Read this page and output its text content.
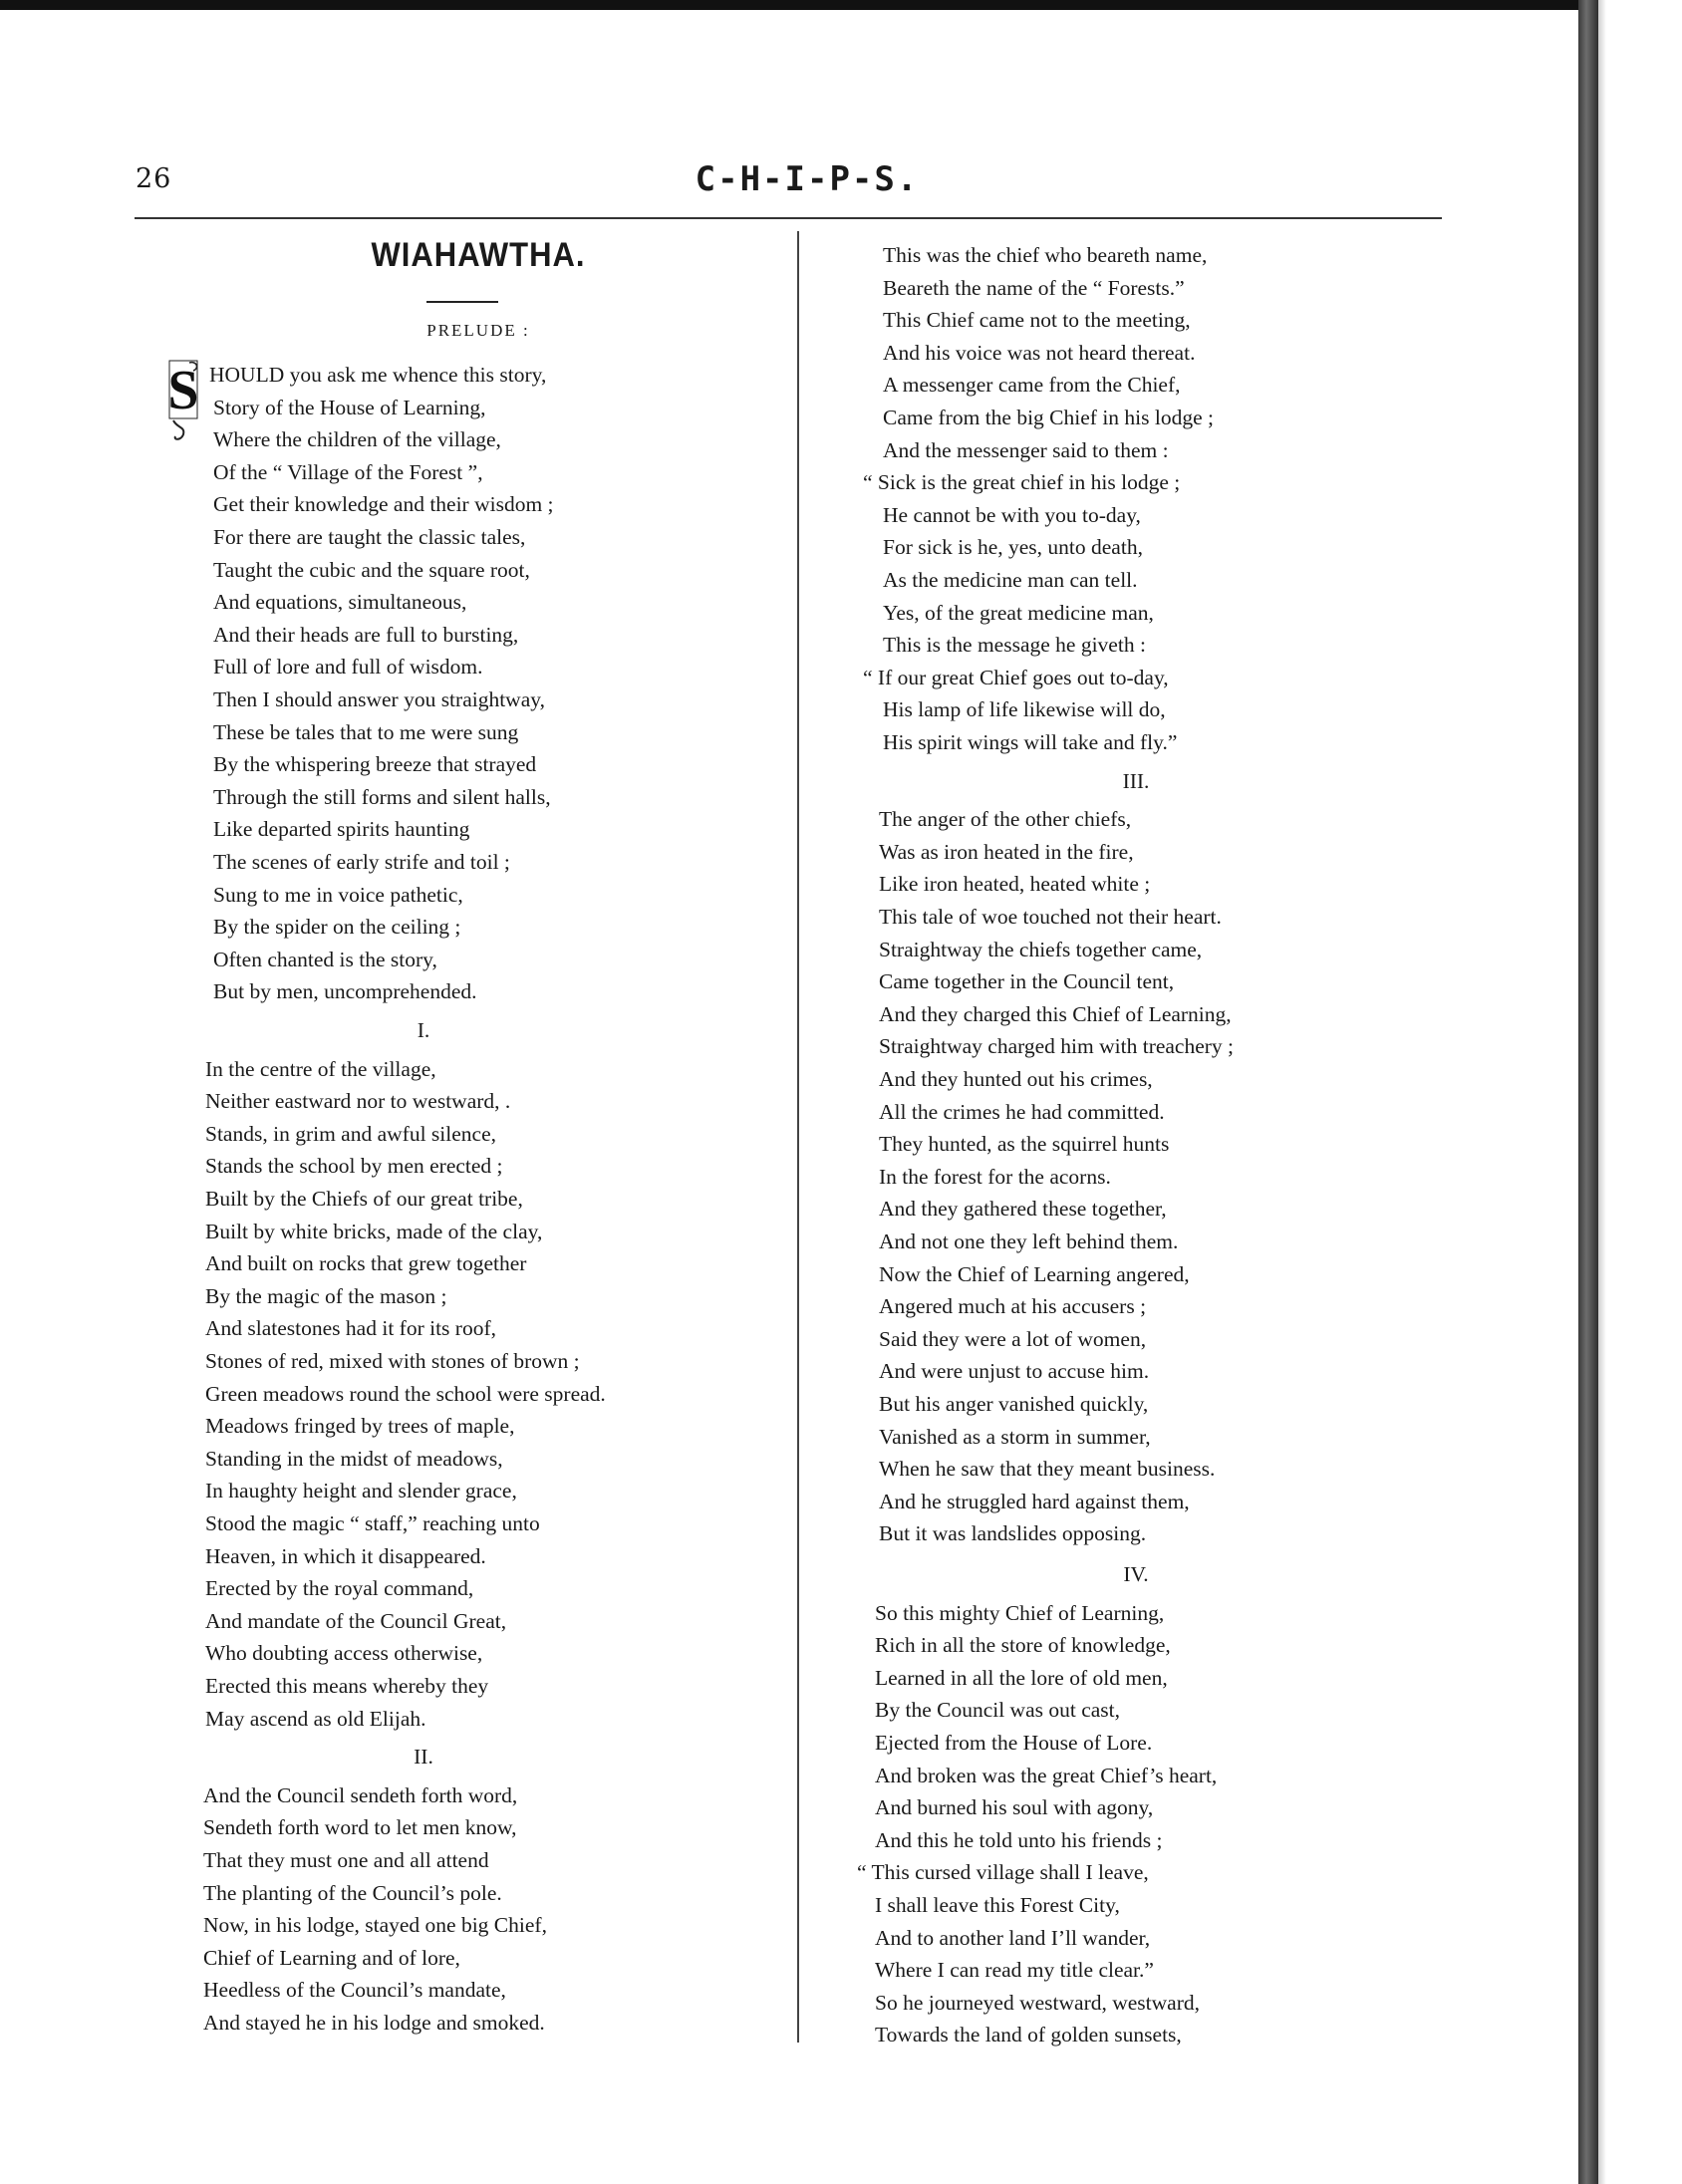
26	C-H-I-P-S.
WIAHAWTHA.
PRELUDE :
S HOULD you ask me whence this story,
Story of the House of Learning,
Where the children of the village,
Of the “ Village of the Forest ”,
Get their knowledge and their wisdom ;
For there are taught the classic tales,
Taught the cubic and the square root,
And equations, simultaneous,
And their heads are full to bursting,
Full of lore and full of wisdom.
Then I should answer you straightway,
These be tales that to me were sung
By the whispering breeze that strayed
Through the still forms and silent halls,
Like departed spirits haunting
The scenes of early strife and toil ;
Sung to me in voice pathetic,
By the spider on the ceiling ;
Often chanted is the story,
But by men, uncomprehended.
I.
In the centre of the village,
Neither eastward nor to westward, .
Stands, in grim and awful silence,
Stands the school by men erected ;
Built by the Chiefs of our great tribe,
Built by white bricks, made of the clay,
And built on rocks that grew together
By the magic of the mason ;
And slatestones had it for its roof,
Stones of red, mixed with stones of brown ;
Green meadows round the school were spread.
Meadows fringed by trees of maple,
Standing in the midst of meadows,
In haughty height and slender grace,
Stood the magic “ staff,” reaching unto
Heaven, in which it disappeared.
Erected by the royal command,
And mandate of the Council Great,
Who doubting access otherwise,
Erected this means whereby they
May ascend as old Elijah.
II.
And the Council sendeth forth word,
Sendeth forth word to let men know,
That they must one and all attend
The planting of the Council’s pole.
Now, in his lodge, stayed one big Chief,
Chief of Learning and of lore,
Heedless of the Council’s mandate,
And stayed he in his lodge and smoked.
This was the chief who beareth name,
Beareth the name of the “ Forests.”
This Chief came not to the meeting,
And his voice was not heard thereat.
A messenger came from the Chief,
Came from the big Chief in his lodge ;
And the messenger said to them :
“ Sick is the great chief in his lodge ;
He cannot be with you to-day,
For sick is he, yes, unto death,
As the medicine man can tell.
Yes, of the great medicine man,
This is the message he giveth :
“ If our great Chief goes out to-day,
His lamp of life likewise will do,
His spirit wings will take and fly.”
III.
The anger of the other chiefs,
Was as iron heated in the fire,
Like iron heated, heated white ;
This tale of woe touched not their heart.
Straightway the chiefs together came,
Came together in the Council tent,
And they charged this Chief of Learning,
Straightway charged him with treachery ;
And they hunted out his crimes,
All the crimes he had committed.
They hunted, as the squirrel hunts
In the forest for the acorns.
And they gathered these together,
And not one they left behind them.
Now the Chief of Learning angered,
Angered much at his accusers ;
Said they were a lot of women,
And were unjust to accuse him.
But his anger vanished quickly,
Vanished as a storm in summer,
When he saw that they meant business.
And he struggled hard against them,
But it was landslides opposing.
IV.
So this mighty Chief of Learning,
Rich in all the store of knowledge,
Learned in all the lore of old men,
By the Council was out cast,
Ejected from the House of Lore.
And broken was the great Chief’s heart,
And burned his soul with agony,
And this he told unto his friends ;
“ This cursed village shall I leave,
I shall leave this Forest City,
And to another land I’ll wander,
Where I can read my title clear.”
So he journeyed westward, westward,
Towards the land of golden sunsets,
